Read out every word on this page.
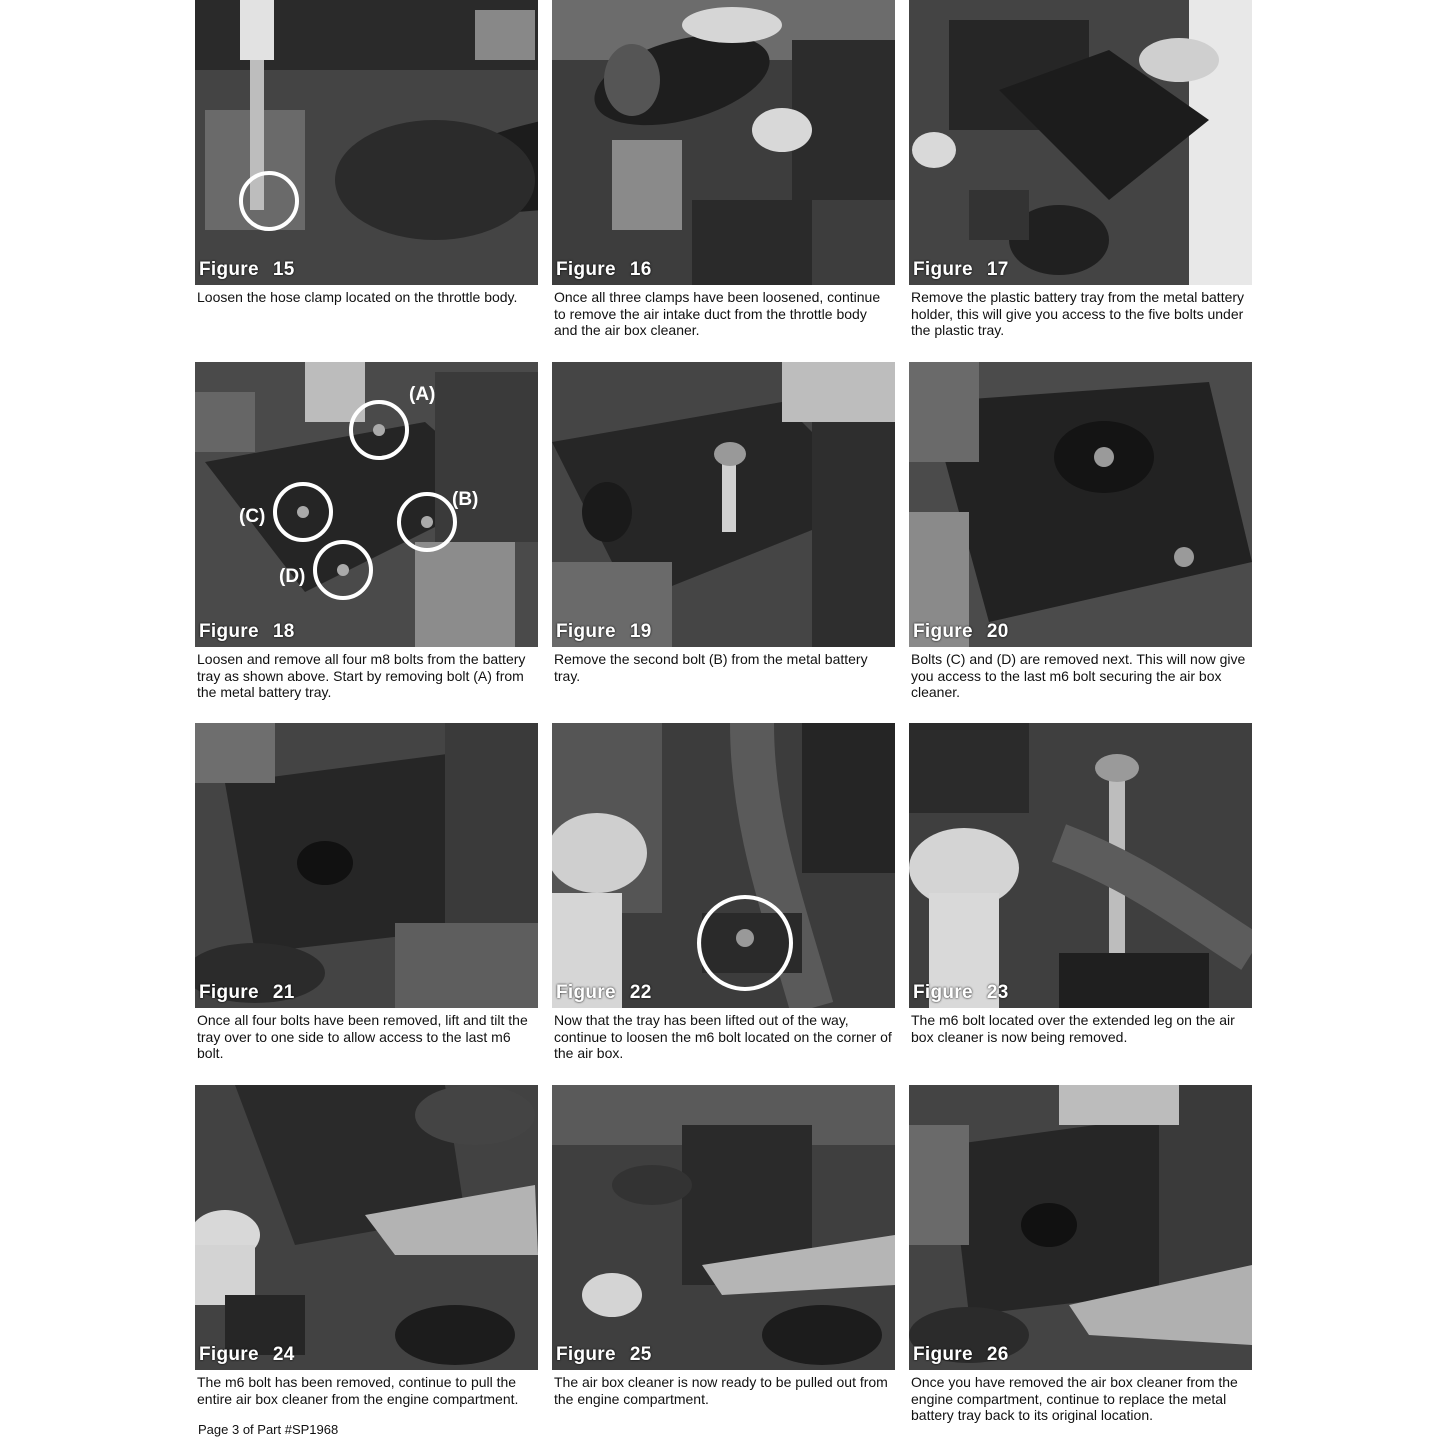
Figure 15
Loosen the hose clamp located on the throttle body.
Figure 16
Once all three clamps have been loosened, continue to remove the air intake duct from the throttle body and the air box cleaner.
Figure 17
Remove the plastic battery tray from the metal battery holder, this will give you access to the five bolts under the plastic tray.
(A)
(B)
(C)
(D)
Figure 18
Loosen and remove all four m8 bolts from the battery tray as shown above. Start by removing bolt (A) from the metal battery tray.
Figure 19
Remove the second bolt (B) from the metal battery tray.
Figure 20
Bolts (C) and (D) are removed next. This will now give you access to the last m6 bolt securing the air box cleaner.
Figure 21
Once all four bolts have been removed, lift and tilt the tray over to one side to allow access to the last m6 bolt.
Figure 22
Now that the tray has been lifted out of the way, continue to loosen the m6 bolt located on the corner of the air box.
Figure 23
The m6 bolt located over the extended leg on the air box cleaner is now being removed.
Figure 24
The m6 bolt has been removed, continue to pull the entire air box cleaner from the engine compartment.
Figure 25
The air box cleaner is now ready to be pulled out from the engine compartment.
Figure 26
Once you have removed the air box cleaner from the engine compartment, continue to replace the metal battery tray back to its original location.
Page 3 of Part #SP1968
